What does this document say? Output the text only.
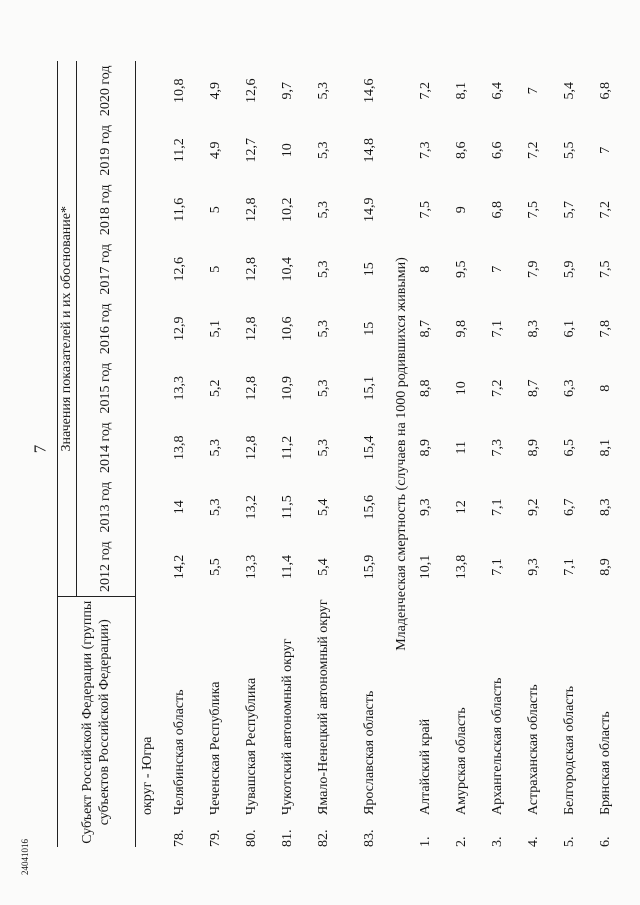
7
24041016
Субъект Российской Федерации (группы субъектов Российской Федерации)		Значения показателей и их обоснование*								
		2012 год	2013 год	2014 год	2015 год	2016 год	2017 год	2018 год	2019 год	2020 год
	округ - Югра									
78.	Челябинская область	14,2	14	13,8	13,3	12,9	12,6	11,6	11,2	10,8
79.	Чеченская Республика	5,5	5,3	5,3	5,2	5,1	5	5	4,9	4,9
80.	Чувашская Республика	13,3	13,2	12,8	12,8	12,8	12,8	12,8	12,7	12,6
81.	Чукотский автономный округ	11,4	11,5	11,2	10,9	10,6	10,4	10,2	10	9,7
82.	Ямало-Ненецкий автономный округ	5,4	5,4	5,3	5,3	5,3	5,3	5,3	5,3	5,3
83.	Ярославская область	15,9	15,6	15,4	15,1	15	15	14,9	14,8	14,6
Младенческая смертность (случаев на 1000 родившихся живыми)										
1.	Алтайский край	10,1	9,3	8,9	8,8	8,7	8	7,5	7,3	7,2
2.	Амурская область	13,8	12	11	10	9,8	9,5	9	8,6	8,1
3.	Архангельская область	7,1	7,1	7,3	7,2	7,1	7	6,8	6,6	6,4
4.	Астраханская область	9,3	9,2	8,9	8,7	8,3	7,9	7,5	7,2	7
5.	Белгородская область	7,1	6,7	6,5	6,3	6,1	5,9	5,7	5,5	5,4
6.	Брянская область	8,9	8,3	8,1	8	7,8	7,5	7,2	7	6,8
